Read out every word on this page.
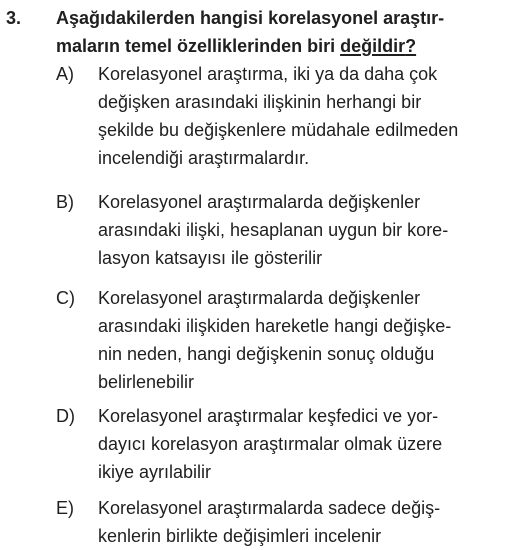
3. Aşağıdakilerden hangisi korelasyonel araştır-
maların temel özelliklerinden biri değildir?
A) Korelasyonel araştırma, iki ya da daha çok
değişken arasındaki ilişkinin herhangi bir
şekilde bu değişkenlere müdahale edilmeden
incelendiği araştırmalardır.
B) Korelasyonel araştırmalarda değişkenler
arasındaki ilişki, hesaplanan uygun bir kore-
lasyon katsayısı ile gösterilir
C) Korelasyonel araştırmalarda değişkenler
arasındaki ilişkiden hareketle hangi değişke-
nin neden, hangi değişkenin sonuç olduğu
belirlenebilir
D) Korelasyonel araştırmalar keşfedici ve yor-
dayıcı korelasyon araştırmalar olmak üzere
ikiye ayrılabilir
E) Korelasyonel araştırmalarda sadece değiş-
kenlerin birlikte değişimleri incelenir
